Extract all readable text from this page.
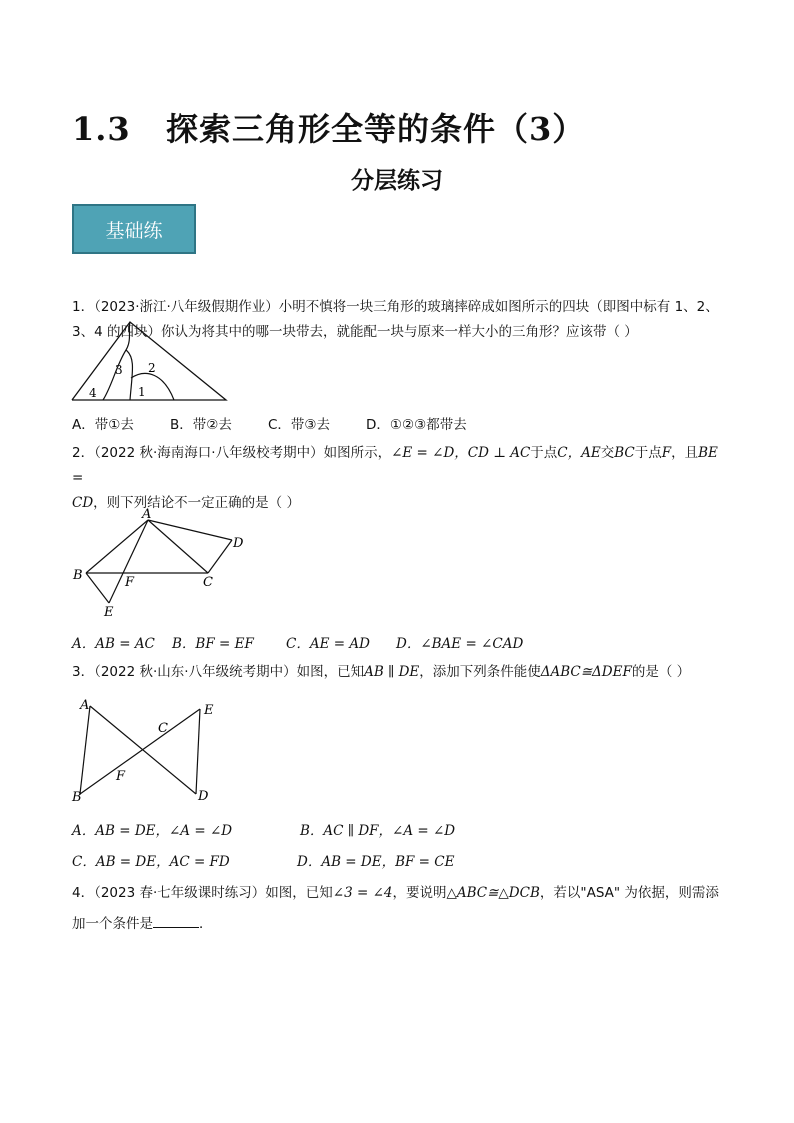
1.3 探索三角形全等的条件（3）
分层练习
基础练
1．（2023·浙江·八年级假期作业）小明不慎将一块三角形的玻璃摔碎成如图所示的四块（即图中标有 1、2、
3、4 的四块）你认为将其中的哪一块带去，就能配一块与原来一样大小的三角形？应该带（ ）
4
3 2
1
A．带①去	B．带②去	C．带③去	D．①②③都带去
2．（2022 秋·海南海口·八年级校考期中）如图所示，∠E = ∠D，CD ⊥ AC于点C，AE交BC于点F，且BE =
CD，则下列结论不一定正确的是（ ）
A
B	C
D
E
F
A．AB = AC B．BF = EF C．AE = AD D．∠BAE = ∠CAD
3．（2022 秋·山东·八年级统考期中）如图，已知AB ∥ DE，添加下列条件能使ΔABC≅ΔDEF的是（ ）
A
B
C
D
E
F
A．AB = DE，∠A = ∠D	B．AC ∥ DF，∠A = ∠D
C．AB = DE，AC = FD	D．AB = DE，BF = CE
4．（2023 春·七年级课时练习）如图，已知∠3 = ∠4，要说明△ABC≅△DCB，若以"ASA" 为依据，则需添
加一个条件是	．
